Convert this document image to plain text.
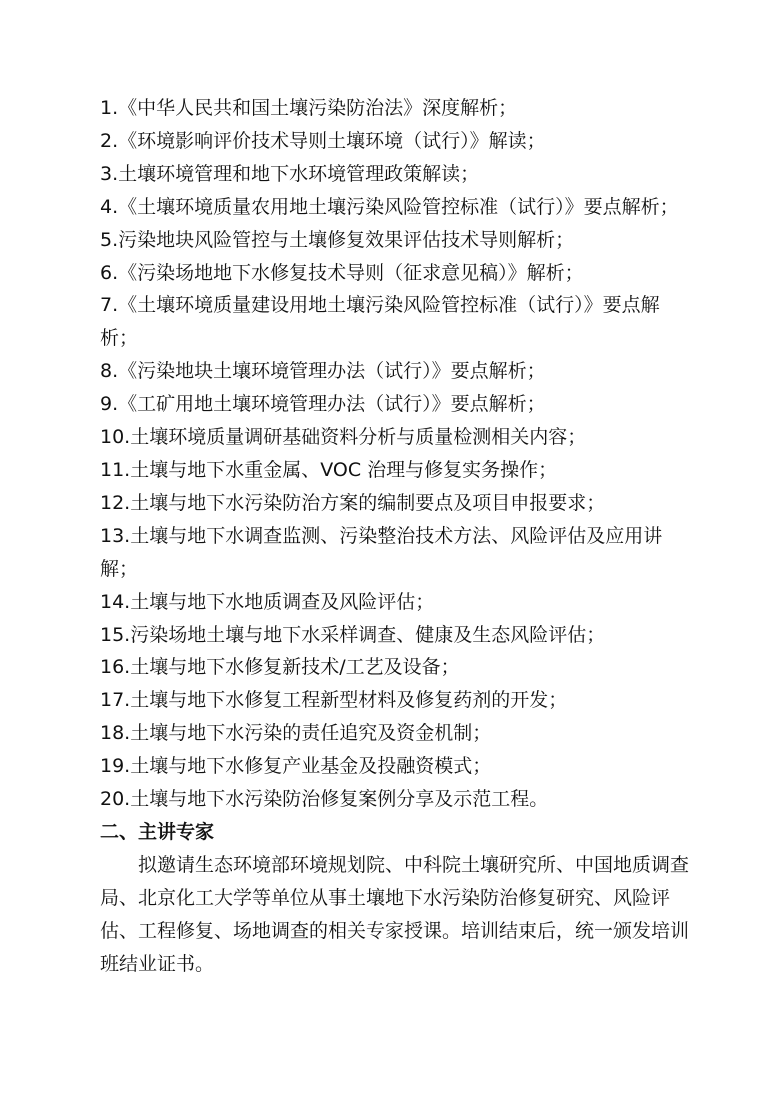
1.《中华人民共和国土壤污染防治法》深度解析；

2.《环境影响评价技术导则土壤环境（试行）》解读；

3.土壤环境管理和地下水环境管理政策解读；

4.《土壤环境质量农用地土壤污染风险管控标准（试行）》要点解析；

5.污染地块风险管控与土壤修复效果评估技术导则解析；

6.《污染场地地下水修复技术导则（征求意见稿）》解析；

7.《土壤环境质量建设用地土壤污染风险管控标准（试行）》要点解析；

8.《污染地块土壤环境管理办法（试行）》要点解析；

9.《工矿用地土壤环境管理办法（试行）》要点解析；

10.土壤环境质量调研基础资料分析与质量检测相关内容；

11.土壤与地下水重金属、VOC 治理与修复实务操作；

12.土壤与地下水污染防治方案的编制要点及项目申报要求；

13.土壤与地下水调查监测、污染整治技术方法、风险评估及应用讲解；

14.土壤与地下水地质调查及风险评估；

15.污染场地土壤与地下水采样调查、健康及生态风险评估；

16.土壤与地下水修复新技术/工艺及设备；

17.土壤与地下水修复工程新型材料及修复药剂的开发；

18.土壤与地下水污染的责任追究及资金机制；

19.土壤与地下水修复产业基金及投融资模式；

20.土壤与地下水污染防治修复案例分享及示范工程。

二、主讲专家

拟邀请生态环境部环境规划院、中科院土壤研究所、中国地质调查局、北京化工大学等单位从事土壤地下水污染防治修复研究、风险评估、工程修复、场地调查的相关专家授课。培训结束后，统一颁发培训班结业证书。
